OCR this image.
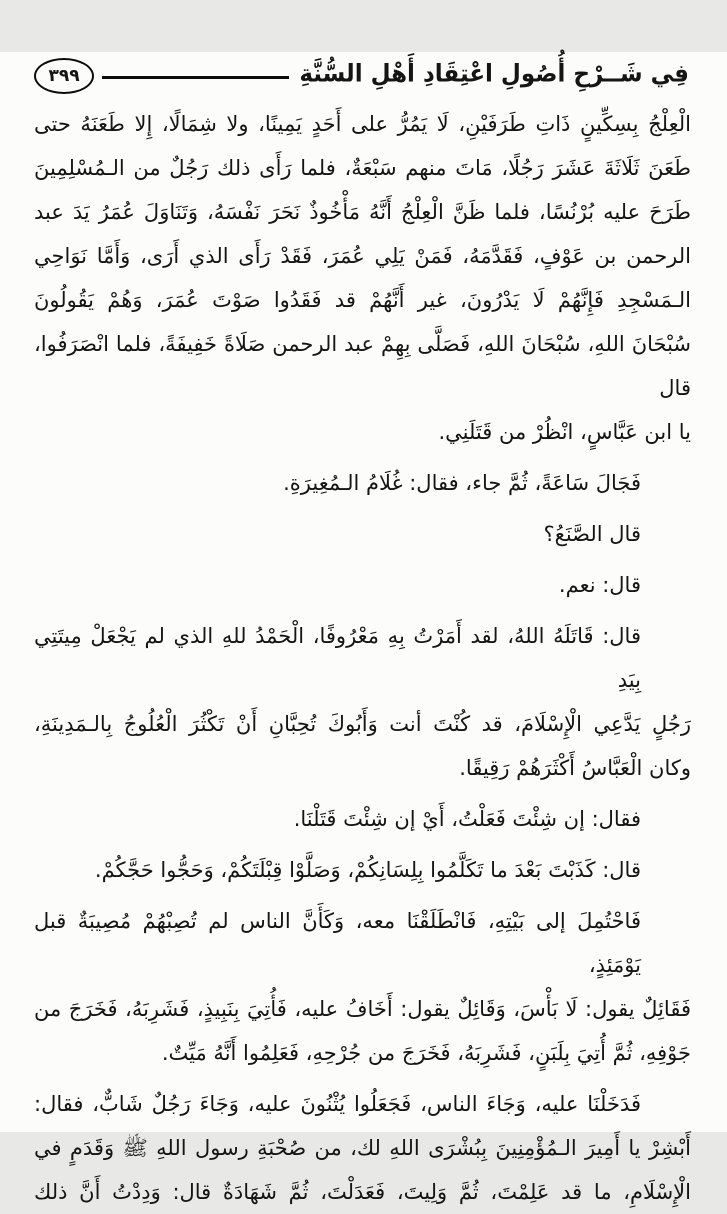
فِي شَــرْحِ أُصُولِ اعْتِقَادِ أَهْلِ السُّنَّةِ
٣٩٩
الْعِلْجُ بِسِكِّينٍ ذَاتِ طَرَفَيْنِ، لَا يَمُرُّ على أَحَدٍ يَمِينًا، ولا شِمَالًا، إِلا طَعَنَهُ حتى
طَعَنَ ثَلَاثَةَ عَشَرَ رَجُلًا، مَاتَ منهم سَبْعَةٌ، فلما رَأَى ذلك رَجُلٌ من الـمُسْلِمِينَ
طَرَحَ عليه بُرْنُسًا، فلما ظَنَّ الْعِلْجُ أَنَّهُ مَأْخُوذٌ نَحَرَ نَفْسَهُ، وَتَنَاوَلَ عُمَرُ يَدَ عبد
الرحمن بن عَوْفٍ، فَقَدَّمَهُ، فَمَنْ يَلِي عُمَرَ، فَقَدْ رَأَى الذي أَرَى، وَأَمَّا نَوَاحِي
الـمَسْجِدِ فَإِنَّهُمْ لَا يَدْرُونَ، غير أَنَّهُمْ قد فَقَدُوا صَوْتَ عُمَرَ، وَهُمْ يَقُولُونَ
سُبْحَانَ اللهِ، سُبْحَانَ اللهِ، فَصَلَّى بِهِمْ عبد الرحمن صَلَاةً خَفِيفَةً، فلما انْصَرَفُوا، قال
يا ابن عَبَّاسٍ، انْظُرْ من قَتَلَنِي.
فَجَالَ سَاعَةً، ثُمَّ جاء، فقال: غُلَامُ الـمُغِيرَةِ.
قال الصَّنَعُ؟
قال: نعم.
قال: قَاتَلَهُ اللهُ، لقد أَمَرْتُ بِهِ مَعْرُوفًا، الْحَمْدُ للهِ الذي لم يَجْعَلْ مِيتَتِي بِيَدِ
رَجُلٍ يَدَّعِي الْإِسْلَامَ، قد كُنْتَ أنت وَأَبُوكَ تُحِبَّانِ أَنْ تَكْثُرَ الْعُلُوجُ بِالـمَدِينَةِ،
وكان الْعَبَّاسُ أَكْثَرَهُمْ رَقِيقًا.
فقال: إن شِئْتَ فَعَلْتُ، أَيْ إن شِئْتَ قَتَلْنَا.
قال: كَذَبْتَ بَعْدَ ما تَكَلَّمُوا بِلِسَانِكُمْ، وَصَلَّوْا قِبْلَتَكُمْ، وَحَجُّوا حَجَّكُمْ.
فَاحْتُمِلَ إلى بَيْتِهِ، فَانْطَلَقْنَا معه، وَكَأَنَّ الناس لم تُصِبْهُمْ مُصِيبَةٌ قبل يَوْمَئِذٍ،
فَقَائِلٌ يقول: لَا بَأْسَ، وَقَائِلٌ يقول: أَخَافُ عليه، فَأُتِيَ بِنَبِيذٍ، فَشَرِبَهُ، فَخَرَجَ من
جَوْفِهِ، ثُمَّ أُتِيَ بِلَبَنٍ، فَشَرِبَهُ، فَخَرَجَ من جُرْحِهِ، فَعَلِمُوا أَنَّهُ مَيِّتٌ.
فَدَخَلْنَا عليه، وَجَاءَ الناس، فَجَعَلُوا يُثْنُونَ عليه، وَجَاءَ رَجُلٌ شَابٌّ، فقال:
أَبْشِرْ يا أَمِيرَ الـمُؤْمِنِينَ بِبُشْرَى اللهِ لك، من صُحْبَةِ رسول اللهِ ﷺ وَقَدَمٍ في
الْإِسْلَامِ، ما قد عَلِمْتَ، ثُمَّ وَلِيتَ، فَعَدَلْتَ، ثُمَّ شَهَادَةٌ قال: وَدِدْتُ أَنَّ ذلك
